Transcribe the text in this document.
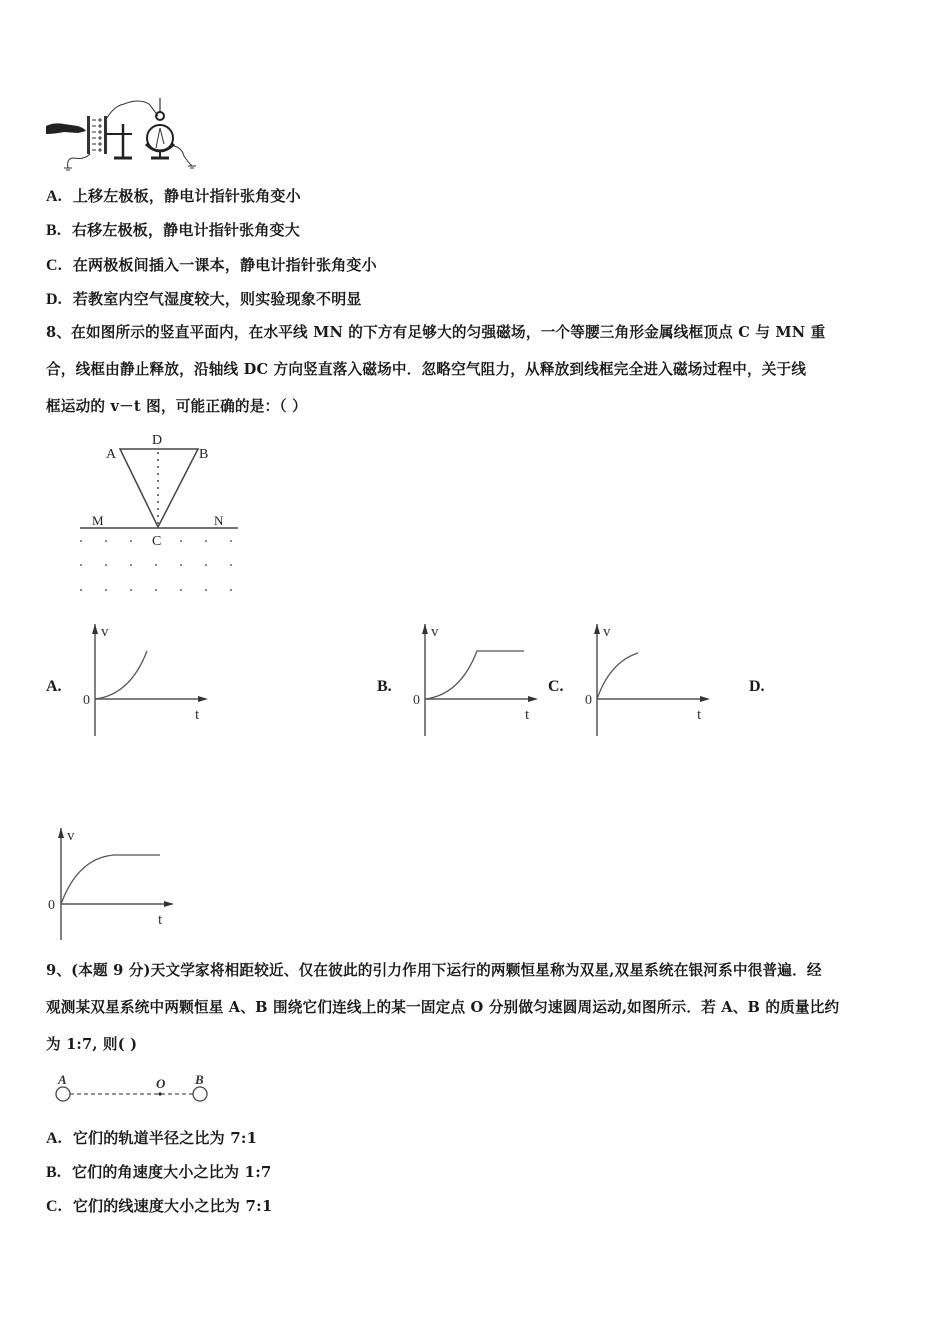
A. 上移左极板，静电计指针张角变小
B. 右移左极板，静电计指针张角变大
C. 在两极板间插入一课本，静电计指针张角变小
D. 若教室内空气湿度较大，则实验现象不明显
8、在如图所示的竖直平面内，在水平线 MN 的下方有足够大的匀强磁场，一个等腰三角形金属线框顶点 C 与 MN 重
合，线框由静止释放，沿轴线 DC 方向竖直落入磁场中．忽略空气阻力，从释放到线框完全进入磁场过程中，关于线
框运动的 v－t 图，可能正确的是：（ ）
D
A	B
M	N
C
A.	B.	C.	D.
v
t
0
v
t
0
v
t
0
v
t
0
9、(本题 9 分)天文学家将相距较近、仅在彼此的引力作用下运行的两颗恒星称为双星,双星系统在银河系中很普遍．经
观测某双星系统中两颗恒星 A、B 围绕它们连线上的某一固定点 O 分别做匀速圆周运动,如图所示．若 A、B 的质量比约
为 1:7, 则( )
A	O B
A. 它们的轨道半径之比为 7:1
B. 它们的角速度大小之比为 1:7
C. 它们的线速度大小之比为 7:1
